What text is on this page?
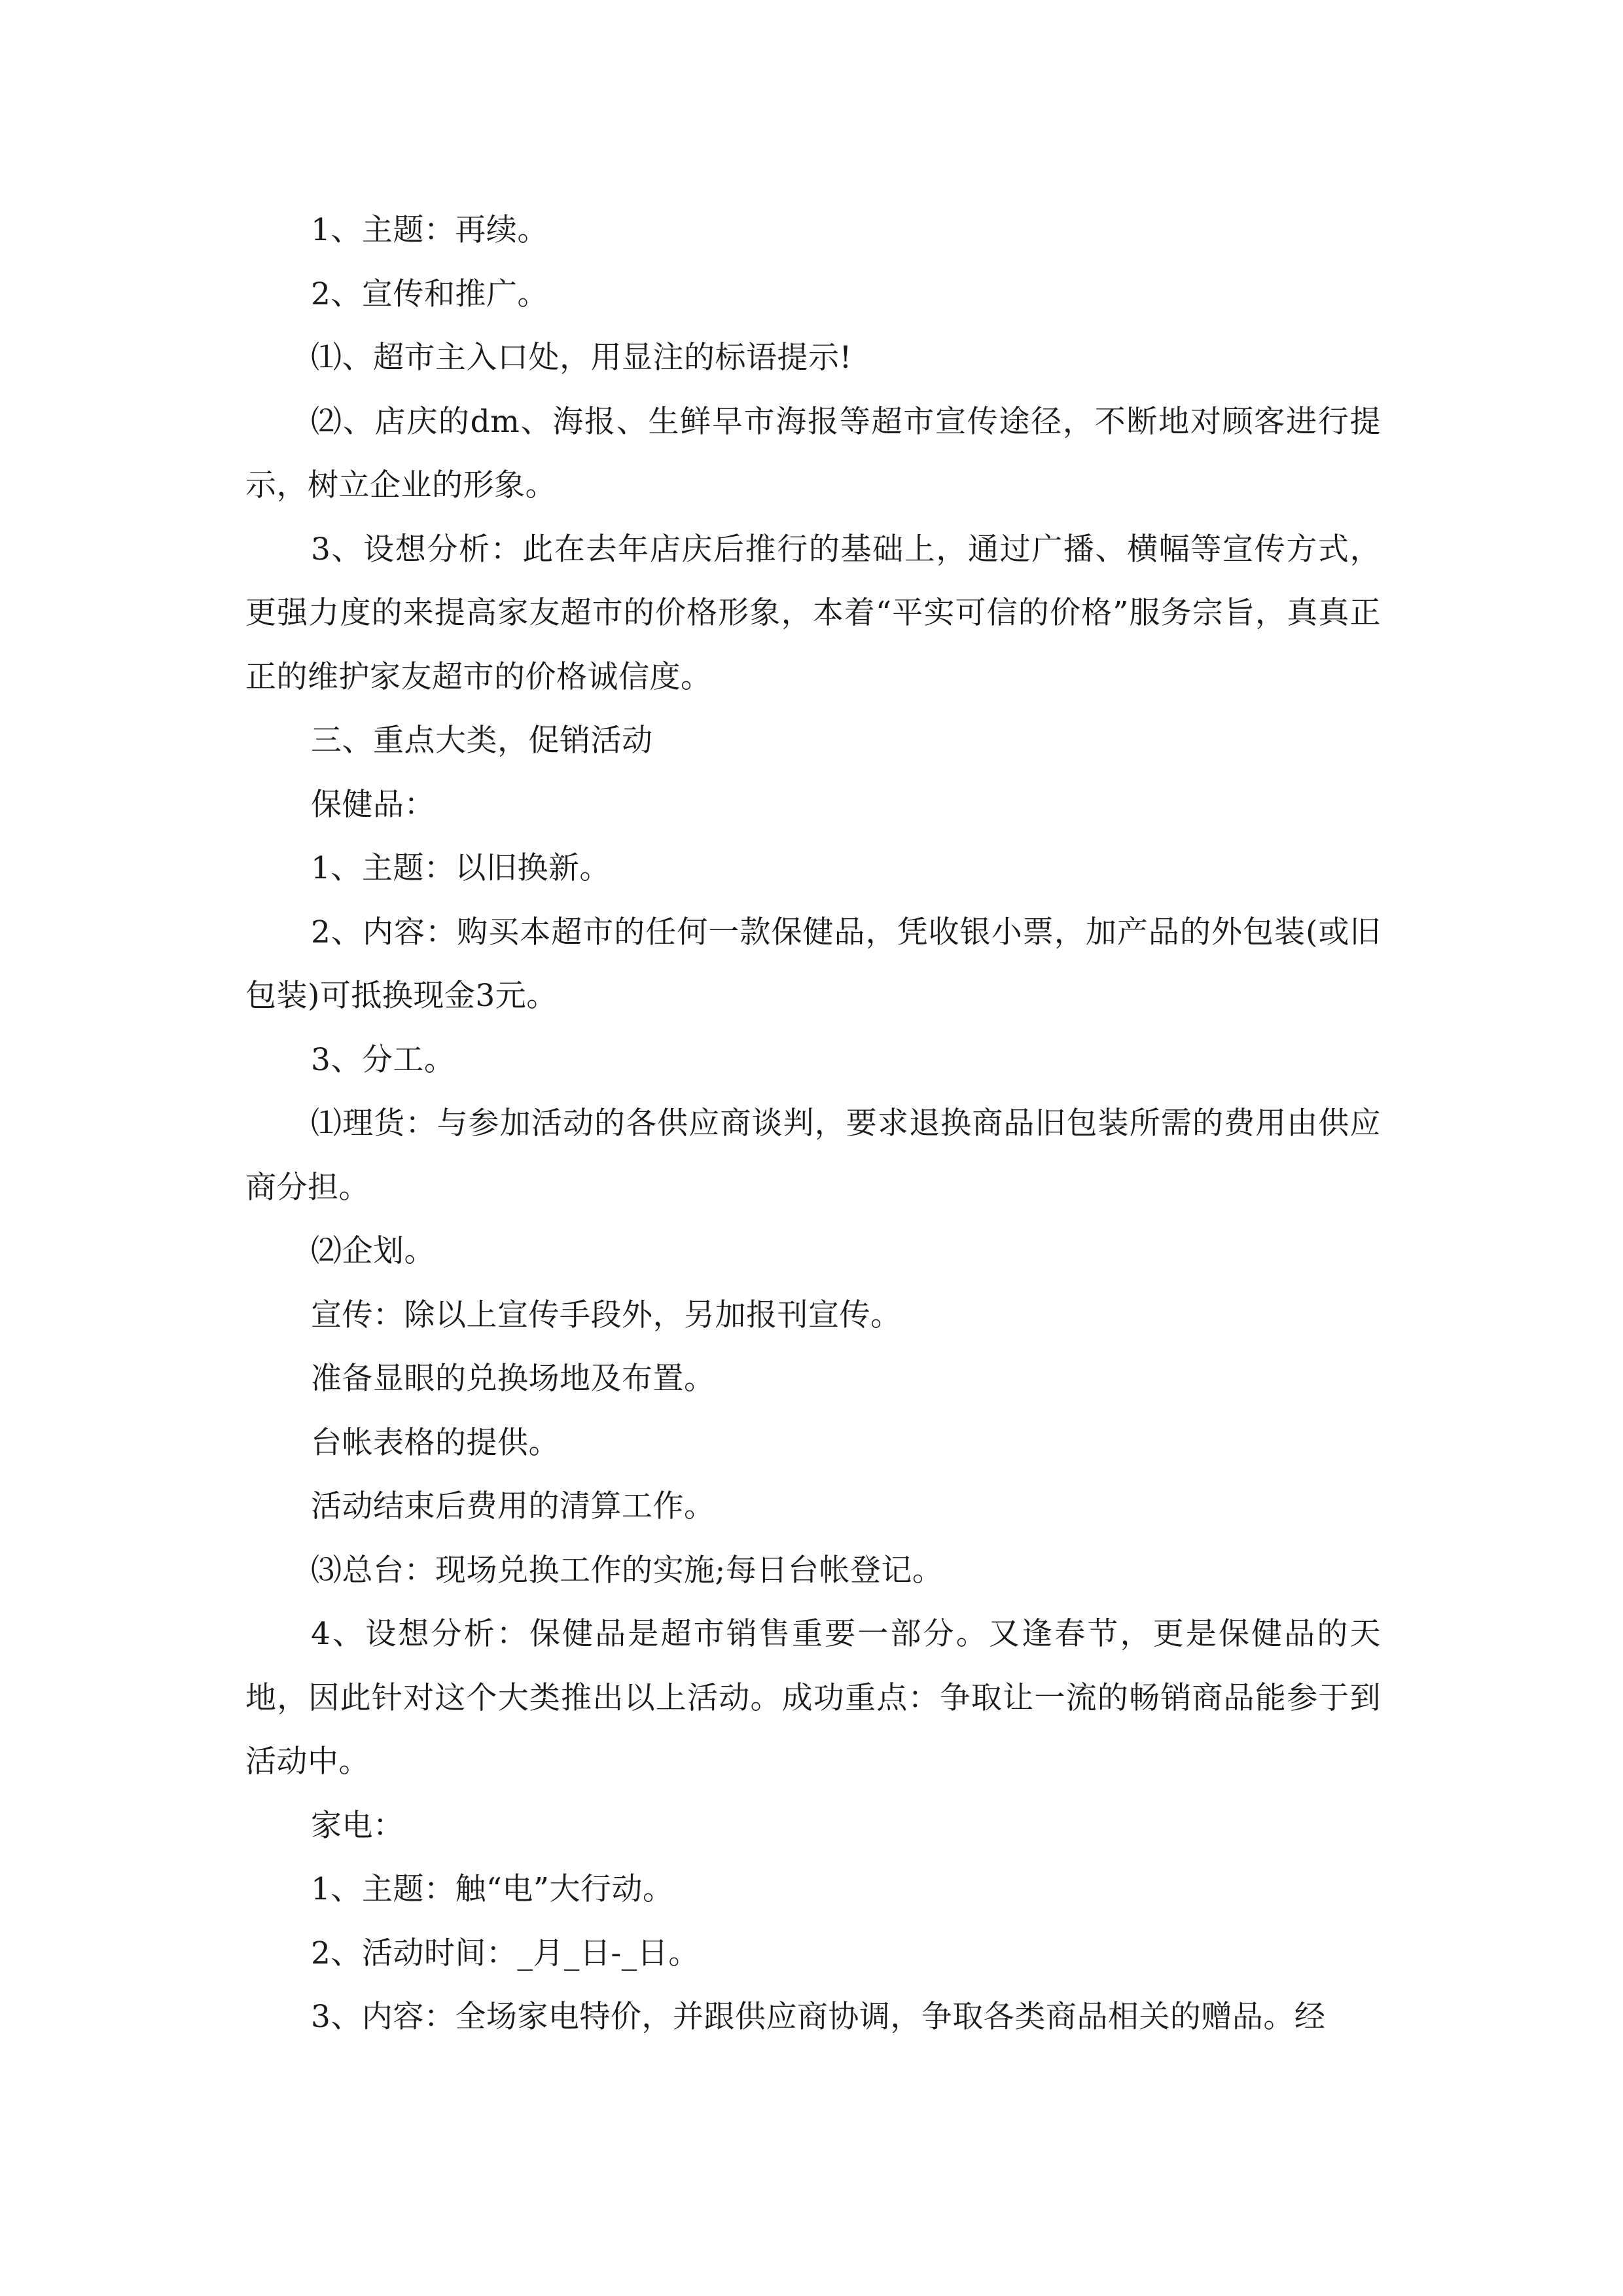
1、主题：再续。

2、宣传和推广。

⑴、超市主入口处，用显注的标语提示!

⑵、店庆的dm、海报、生鲜早市海报等超市宣传途径，不断地对顾客进行提示，树立企业的形象。

3、设想分析：此在去年店庆后推行的基础上，通过广播、横幅等宣传方式，更强力度的来提高家友超市的价格形象，本着“平实可信的价格”服务宗旨，真真正正的维护家友超市的价格诚信度。

三、重点大类，促销活动

保健品：

1、主题：以旧换新。

2、内容：购买本超市的任何一款保健品，凭收银小票，加产品的外包装(或旧包装)可抵换现金3元。

3、分工。

⑴理货：与参加活动的各供应商谈判，要求退换商品旧包装所需的费用由供应商分担。

⑵企划。

宣传：除以上宣传手段外，另加报刊宣传。

准备显眼的兑换场地及布置。

台帐表格的提供。

活动结束后费用的清算工作。

⑶总台：现场兑换工作的实施;每日台帐登记。

4、设想分析：保健品是超市销售重要一部分。又逢春节，更是保健品的天地，因此针对这个大类推出以上活动。成功重点：争取让一流的畅销商品能参于到活动中。

家电：

1、主题：触“电”大行动。

2、活动时间：_月_日-_日。

3、内容：全场家电特价，并跟供应商协调，争取各类商品相关的赠品。经
